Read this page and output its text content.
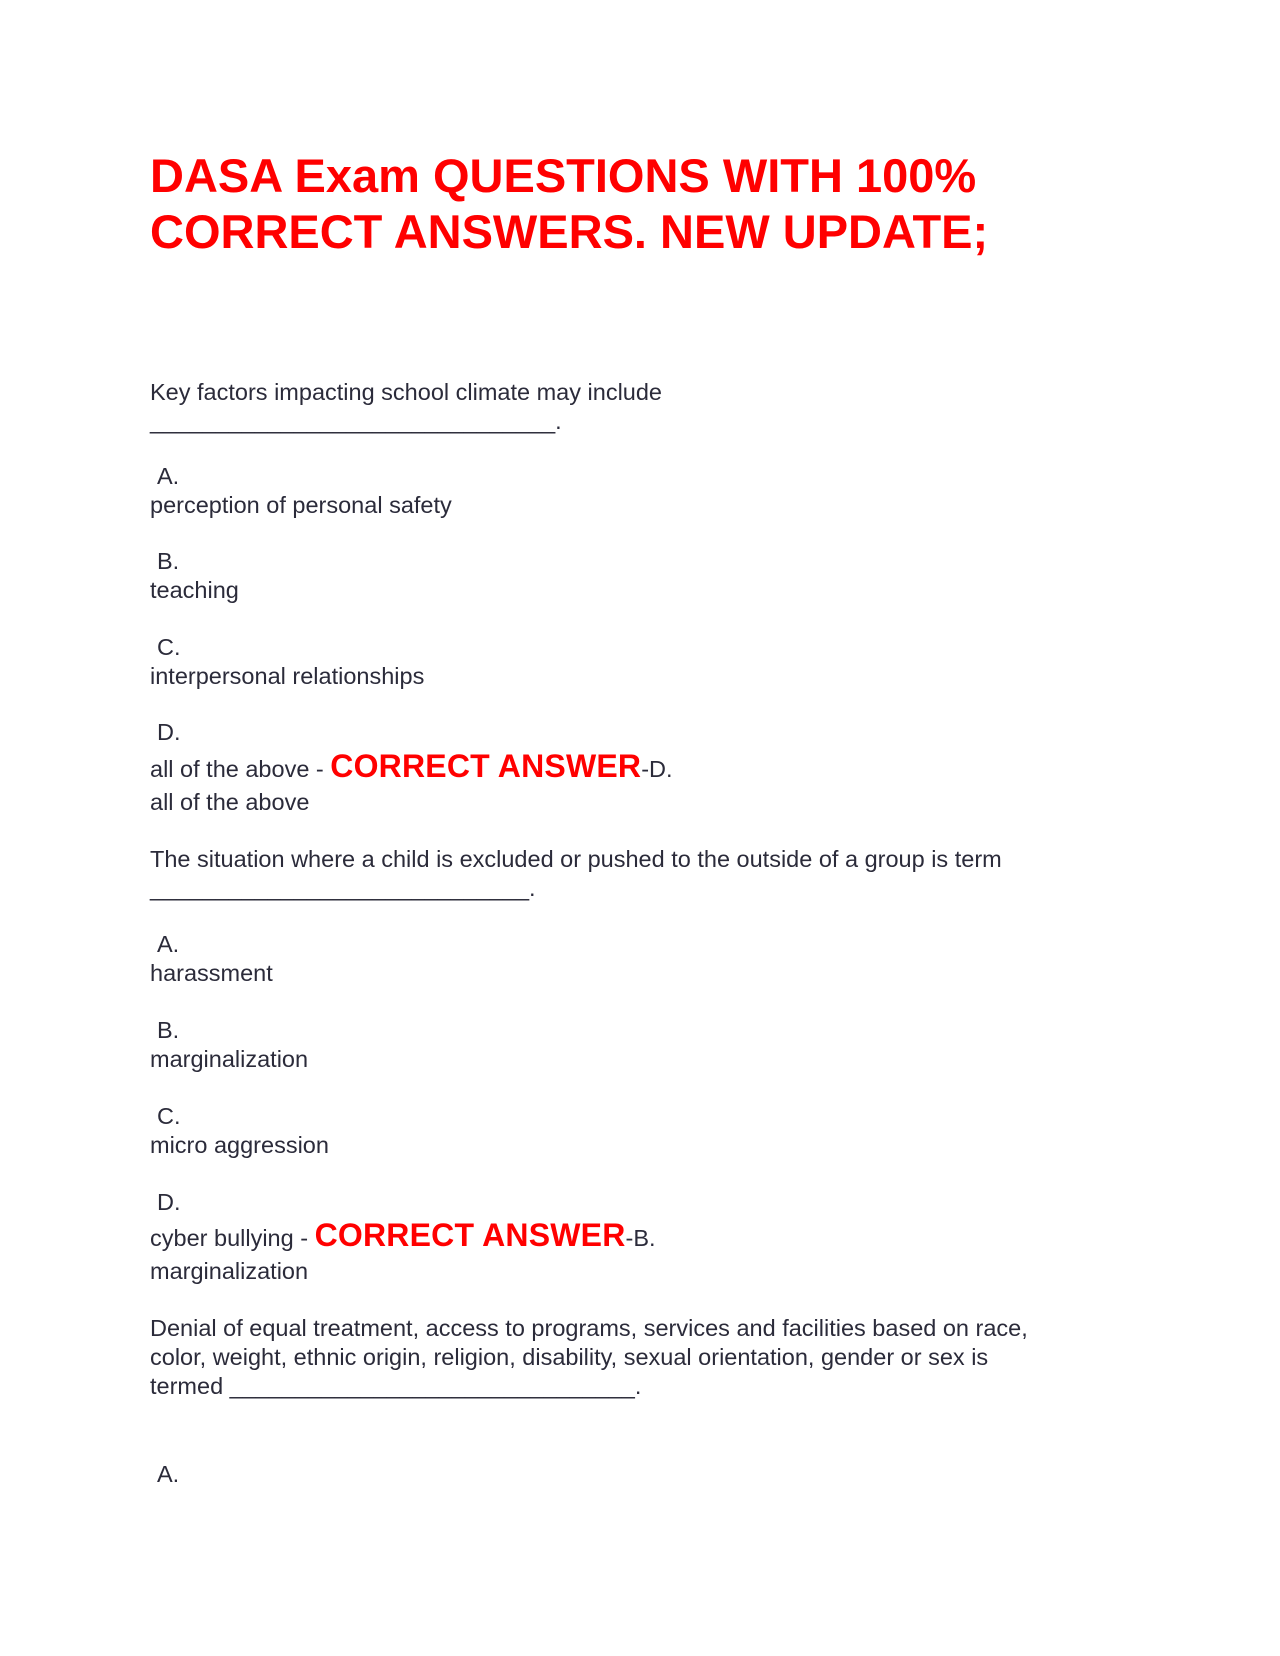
DASA Exam QUESTIONS WITH 100%
CORRECT ANSWERS. NEW UPDATE;
Key factors impacting school climate may include
_______________________________.
A.
perception of personal safety
B.
teaching
C.
interpersonal relationships
D.
all of the above - CORRECT ANSWER-D.
all of the above
The situation where a child is excluded or pushed to the outside of a group is term
_____________________________.
A.
harassment
B.
marginalization
C.
micro aggression
D.
cyber bullying - CORRECT ANSWER-B.
marginalization
Denial of equal treatment, access to programs, services and facilities based on race,
color, weight, ethnic origin, religion, disability, sexual orientation, gender or sex is
termed _______________________________.
A.
